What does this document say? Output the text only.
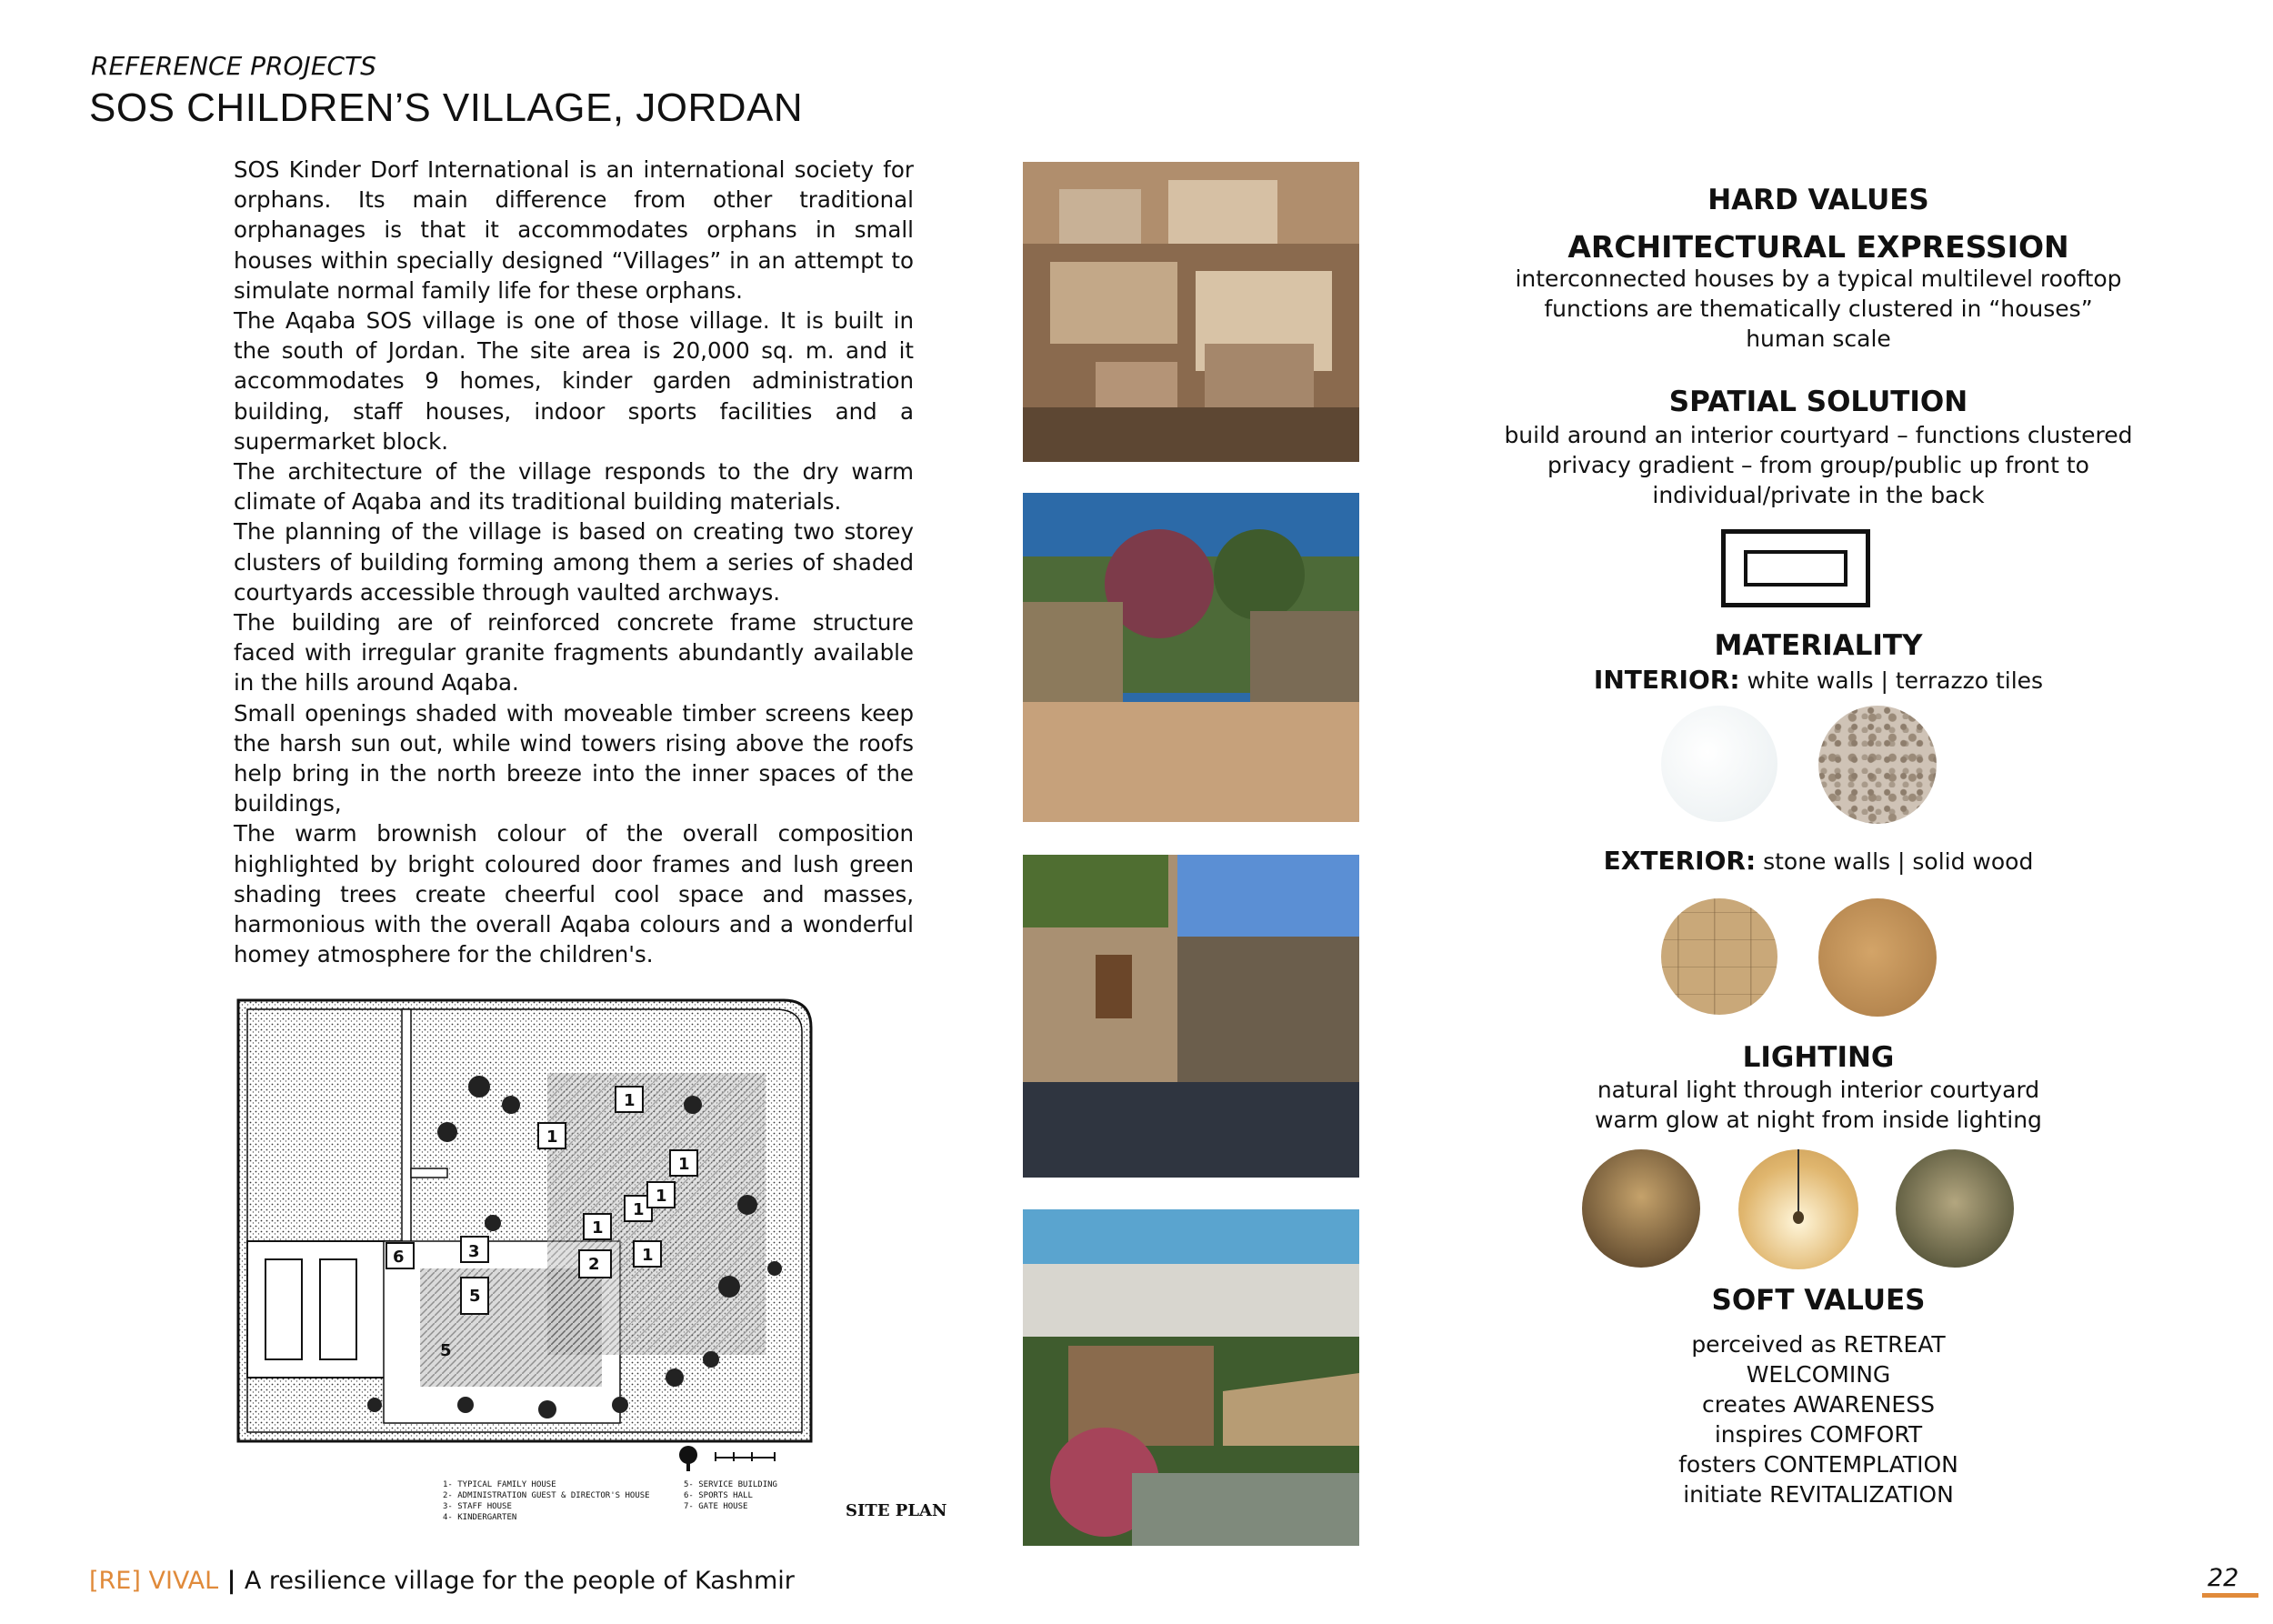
REFERENCE PROJECTS
SOS CHILDREN’S VILLAGE, JORDAN

SOS Kinder Dorf International is an international society for orphans. Its main difference from other traditional orphanages is that it accommodates orphans in small houses within specially designed “Villages” in an attempt to simulate normal family life for these orphans.

The Aqaba SOS village is one of those village. It is built in the south of Jordan. The site area is 20,000 sq. m. and it accommodates 9 homes, kinder garden administration building, staff houses, indoor sports facilities and a supermarket block.

The architecture of the village responds to the dry warm climate of Aqaba and its traditional building materials.

The planning of the village is based on creating two storey clusters of building forming among them a series of shaded courtyards accessible through vaulted archways.

The building are of reinforced concrete frame structure faced with irregular granite fragments abundantly available in the hills around Aqaba.

Small openings shaded with moveable timber screens keep the harsh sun out, while wind towers rising above the roofs help bring in the north breeze into the inner spaces of the buildings,

The warm brownish colour of the overall composition highlighted by bright coloured door frames and lush green shading trees create cheerful cool space and masses, harmonious with the overall Aqaba colours and a wonderful homey atmosphere for the children's.

6	3
5
2
1
1
1
1
1
1
1
5
1- TYPICAL FAMILY HOUSE
2- ADMINISTRATION GUEST & DIRECTOR'S HOUSE
3- STAFF HOUSE
4- KINDERGARTEN
5- SERVICE BUILDING
6- SPORTS HALL
7- GATE HOUSE	SITE PLAN
HARD VALUES
ARCHITECTURAL EXPRESSION
interconnected houses by a typical multilevel rooftop
functions are thematically clustered in “houses”
human scale
SPATIAL SOLUTION
build around an interior courtyard – functions clustered
privacy gradient – from group/public up front to
individual/private in the back
MATERIALITY
INTERIOR: white walls | terrazzo tiles
EXTERIOR: stone walls | solid wood
LIGHTING
natural light through interior courtyard
warm glow at night from inside lighting
SOFT VALUES
perceived as RETREAT
WELCOMING
creates AWARENESS
inspires COMFORT
fosters CONTEMPLATION
initiate REVITALIZATION
[RE] VIVAL | A resilience village for the people of Kashmir	22
